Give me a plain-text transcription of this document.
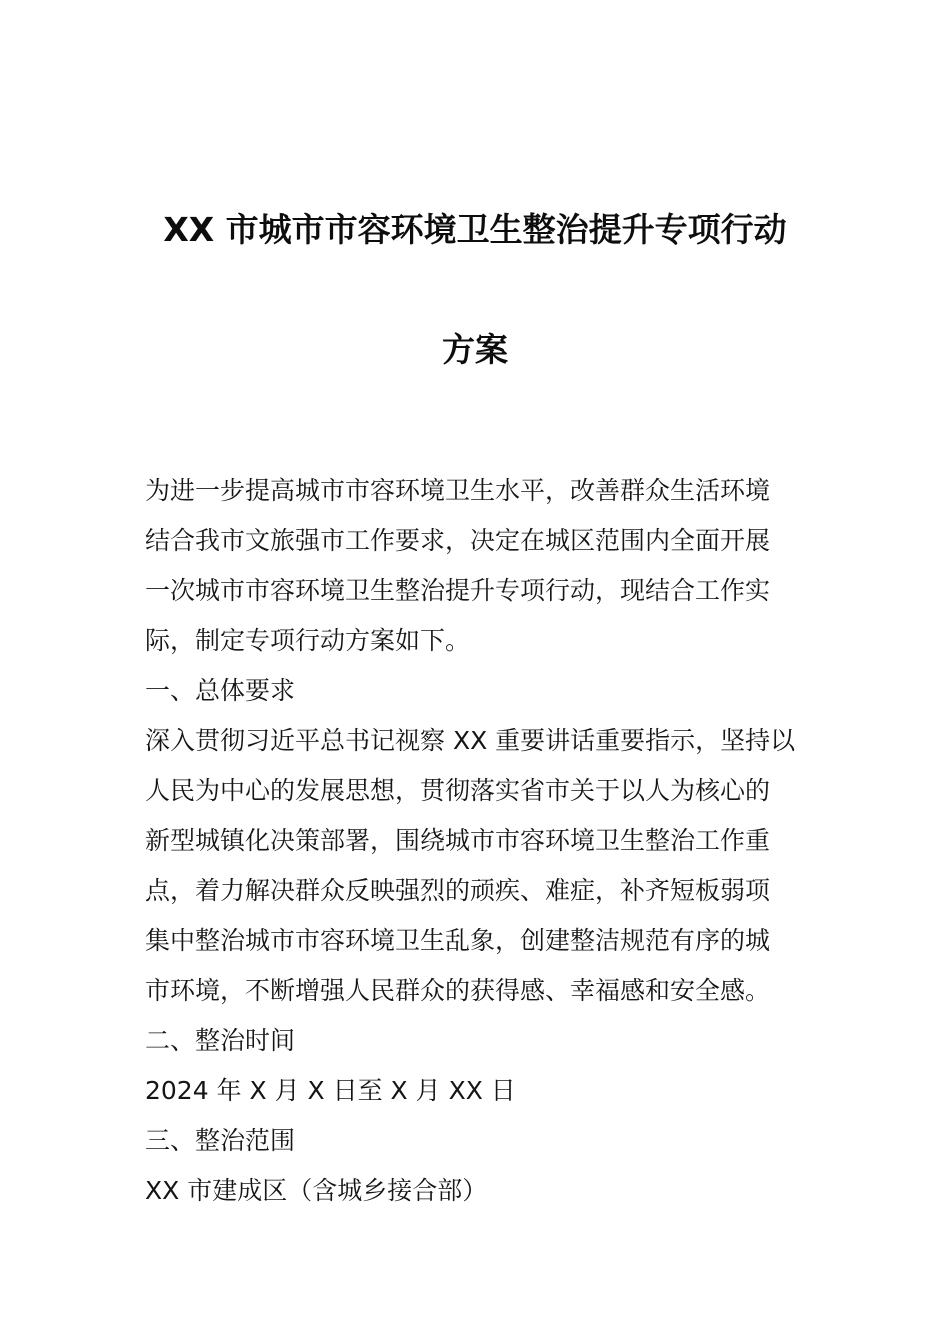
XX 市城市市容环境卫生整治提升专项行动
方案
为进一步提高城市市容环境卫生水平，改善群众生活环境
结合我市文旅强市工作要求，决定在城区范围内全面开展
一次城市市容环境卫生整治提升专项行动，现结合工作实
际，制定专项行动方案如下。
一、总体要求
深入贯彻习近平总书记视察 XX 重要讲话重要指示，坚持以
人民为中心的发展思想，贯彻落实省市关于以人为核心的
新型城镇化决策部署，围绕城市市容环境卫生整治工作重
点，着力解决群众反映强烈的顽疾、难症，补齐短板弱项
集中整治城市市容环境卫生乱象，创建整洁规范有序的城
市环境，不断增强人民群众的获得感、幸福感和安全感。
二、整治时间
2024 年 X 月 X 日至 X 月 XX 日
三、整治范围
XX 市建成区（含城乡接合部）
